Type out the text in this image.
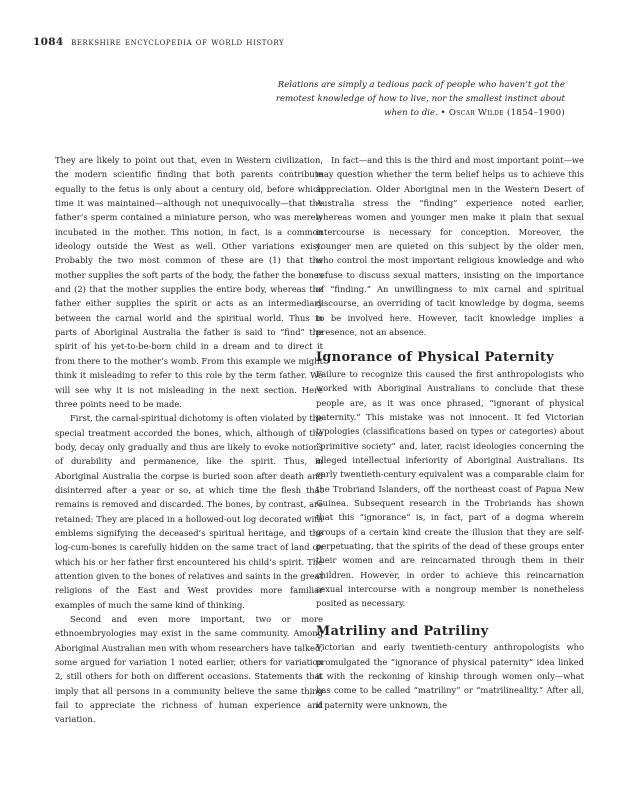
1084 berkshire encyclopedia of world history
Relations are simply a tedious pack of people who haven’t got the remotest knowledge of how to live, nor the smallest instinct about when to die. • Oscar Wilde (1854–1900)

They are likely to point out that, even in Western civilization, the modern scientific finding that both parents contribute equally to the fetus is only about a century old, before which time it was maintained—although not unequivocally—that the father’s sperm contained a miniature person, who was merely incubated in the mother. This notion, in fact, is a common ideology outside the West as well. Other variations exist. Probably the two most common of these are (1) that the mother supplies the soft parts of the body, the father the bones and (2) that the mother supplies the entire body, whereas the father either supplies the spirit or acts as an intermediary between the carnal world and the spiritual world. Thus in parts of Aboriginal Australia the father is said to “find” the spirit of his yet-to-be-born child in a dream and to direct it from there to the mother’s womb. From this example we might think it misleading to refer to this role by the term father. We will see why it is not misleading in the next section. Here three points need to be made.

First, the carnal-spiritual dichotomy is often violated by the special treatment accorded the bones, which, although of the body, decay only gradually and thus are likely to evoke notions of durability and permanence, like the spirit. Thus, in Aboriginal Australia the corpse is buried soon after death and disinterred after a year or so, at which time the flesh that remains is removed and discarded. The bones, by contrast, are retained: They are placed in a hollowed-out log decorated with emblems signifying the deceased’s spiritual heritage, and the log-cum-bones is carefully hidden on the same tract of land on which his or her father first encountered his child’s spirit. The attention given to the bones of relatives and saints in the great religions of the East and West provides more familiar examples of much the same kind of thinking.

Second and even more important, two or more ethnoembryologies may exist in the same community. Among Aboriginal Australian men with whom researchers have talked, some argued for variation 1 noted earlier, others for variation 2, still others for both on different occasions. Statements that imply that all persons in a community believe the same thing fail to appreciate the richness of human experience and variation.

In fact—and this is the third and most important point—we may question whether the term belief helps us to achieve this appreciation. Older Aboriginal men in the Western Desert of Australia stress the “finding” experience noted earlier, whereas women and younger men make it plain that sexual intercourse is necessary for conception. Moreover, the younger men are quieted on this subject by the older men, who control the most important religious knowledge and who refuse to discuss sexual matters, insisting on the importance of “finding.” An unwillingness to mix carnal and spiritual discourse, an overriding of tacit knowledge by dogma, seems to be involved here. However, tacit knowledge implies a presence, not an absence.

Ignorance of Physical Paternity

Failure to recognize this caused the first anthropologists who worked with Aboriginal Australians to conclude that these people are, as it was once phrased, “ignorant of physical paternity.” This mistake was not innocent. It fed Victorian typologies (classifications based on types or categories) about “primitive society” and, later, racist ideologies concerning the alleged intellectual inferiority of Aboriginal Australians. Its early twentieth-century equivalent was a comparable claim for the Trobriand Islanders, off the northeast coast of Papua New Guinea. Subsequent research in the Trobriands has shown that this “ignorance” is, in fact, part of a dogma wherein groups of a certain kind create the illusion that they are self-perpetuating, that the spirits of the dead of these groups enter their women and are reincarnated through them in their children. However, in order to achieve this reincarnation sexual intercourse with a nongroup member is nonetheless posited as necessary.

Matriliny and Patriliny

Victorian and early twentieth-century anthropologists who promulgated the “ignorance of physical paternity” idea linked it with the reckoning of kinship through women only—what has come to be called “matriliny” or “matrilineality.” After all, if paternity were unknown, the
